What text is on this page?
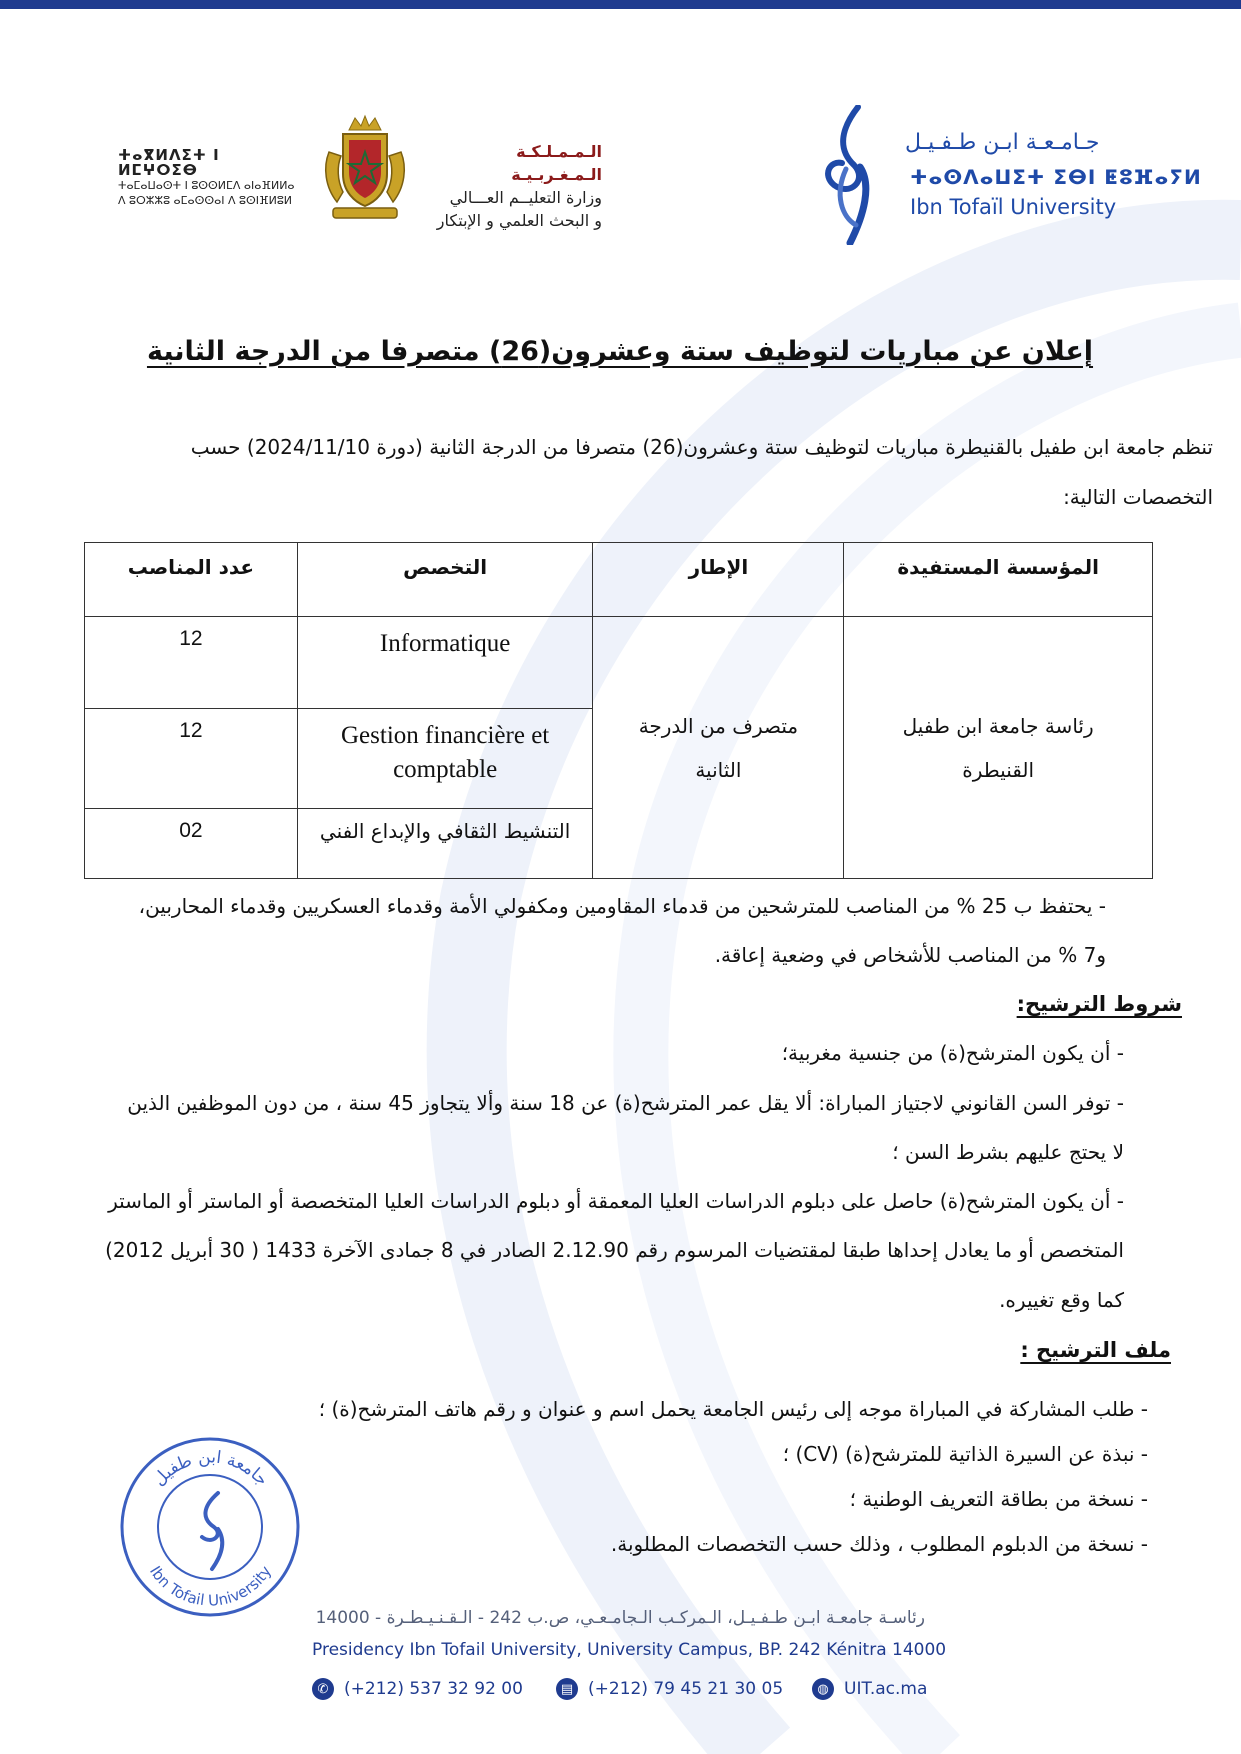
جـامـعـة ابـن طـفـيـل
ⵜⴰⵙⴷⴰⵡⵉⵜ ⵉⴱⵏ ⵟⵓⴼⴰⵢⵍ
Ibn Tofaïl University
الـمـمـلـكـة الـمـغـربـيـة
وزارة التعليــم العـــالي
و البحث العلمي و الإبتكار
ⵜⴰⴳⵍⴷⵉⵜ ⵏ ⵍⵎⵖⵔⵉⴱ
ⵜⴰⵎⴰⵡⴰⵙⵜ ⵏ ⵓⵙⵙⵍⵎⴷ ⴰⵏⴰⴼⵍⵍⴰ
ⴷ ⵓⵔⵣⵣⵓ ⴰⵎⴰⵙⵙⴰⵏ ⴷ ⵓⵙⵏⴼⵍⵓⵍ
إعلان عن مباريات لتوظيف ستة وعشرون(26) متصرفا من الدرجة الثانية

تنظم جامعة ابن طفيل بالقنيطرة مباريات لتوظيف ستة وعشرون(26) متصرفا من الدرجة الثانية (دورة 2024/11/10) حسب

التخصصات التالية:

المؤسسة المستفيدة	الإطار	التخصص	عدد المناصب
رئاسة جامعة ابن طفيل القنيطرة	متصرف من الدرجة الثانية	Informatique	12
		Gestion financière et comptable	12
		التنشيط الثقافي والإبداع الفني	02
- يحتفظ ب 25 % من المناصب للمترشحين من قدماء المقاومين ومكفولي الأمة وقدماء العسكريين وقدماء المحاربين،
و7 % من المناصب للأشخاص في وضعية إعاقة.
شروط الترشيح:
- أن يكون المترشح(ة) من جنسية مغربية؛
- توفر السن القانوني لاجتياز المباراة: ألا يقل عمر المترشح(ة) عن 18 سنة وألا يتجاوز 45 سنة ، من دون الموظفين الذين
لا يحتج عليهم بشرط السن ؛
- أن يكون المترشح(ة) حاصل على دبلوم الدراسات العليا المعمقة أو دبلوم الدراسات العليا المتخصصة أو الماستر أو الماستر
المتخصص أو ما يعادل إحداها طبقا لمقتضيات المرسوم رقم 2.12.90 الصادر في 8 جمادى الآخرة 1433 ( 30 أبريل 2012)
كما وقع تغييره.
ملف الترشيح :
- طلب المشاركة في المباراة موجه إلى رئيس الجامعة يحمل اسم و عنوان و رقم هاتف المترشح(ة) ؛
- نبذة عن السيرة الذاتية للمترشح(ة) (CV) ؛
- نسخة من بطاقة التعريف الوطنية ؛
- نسخة من الدبلوم المطلوب ، وذلك حسب التخصصات المطلوبة.
جامعة ابن طفيل
Ibn Tofail University
رئاسـة جامعـة ابـن طـفـيـل، الـمركـب الـجامـعـي، ص.ب 242 - الـقـنـيـطـرة - 14000
Presidency Ibn Tofail University, University Campus, BP. 242 Kénitra 14000
✆ (+212) 537 32 92 00	▤ (+212) 79 45 21 30 05	◍ UIT.ac.ma
